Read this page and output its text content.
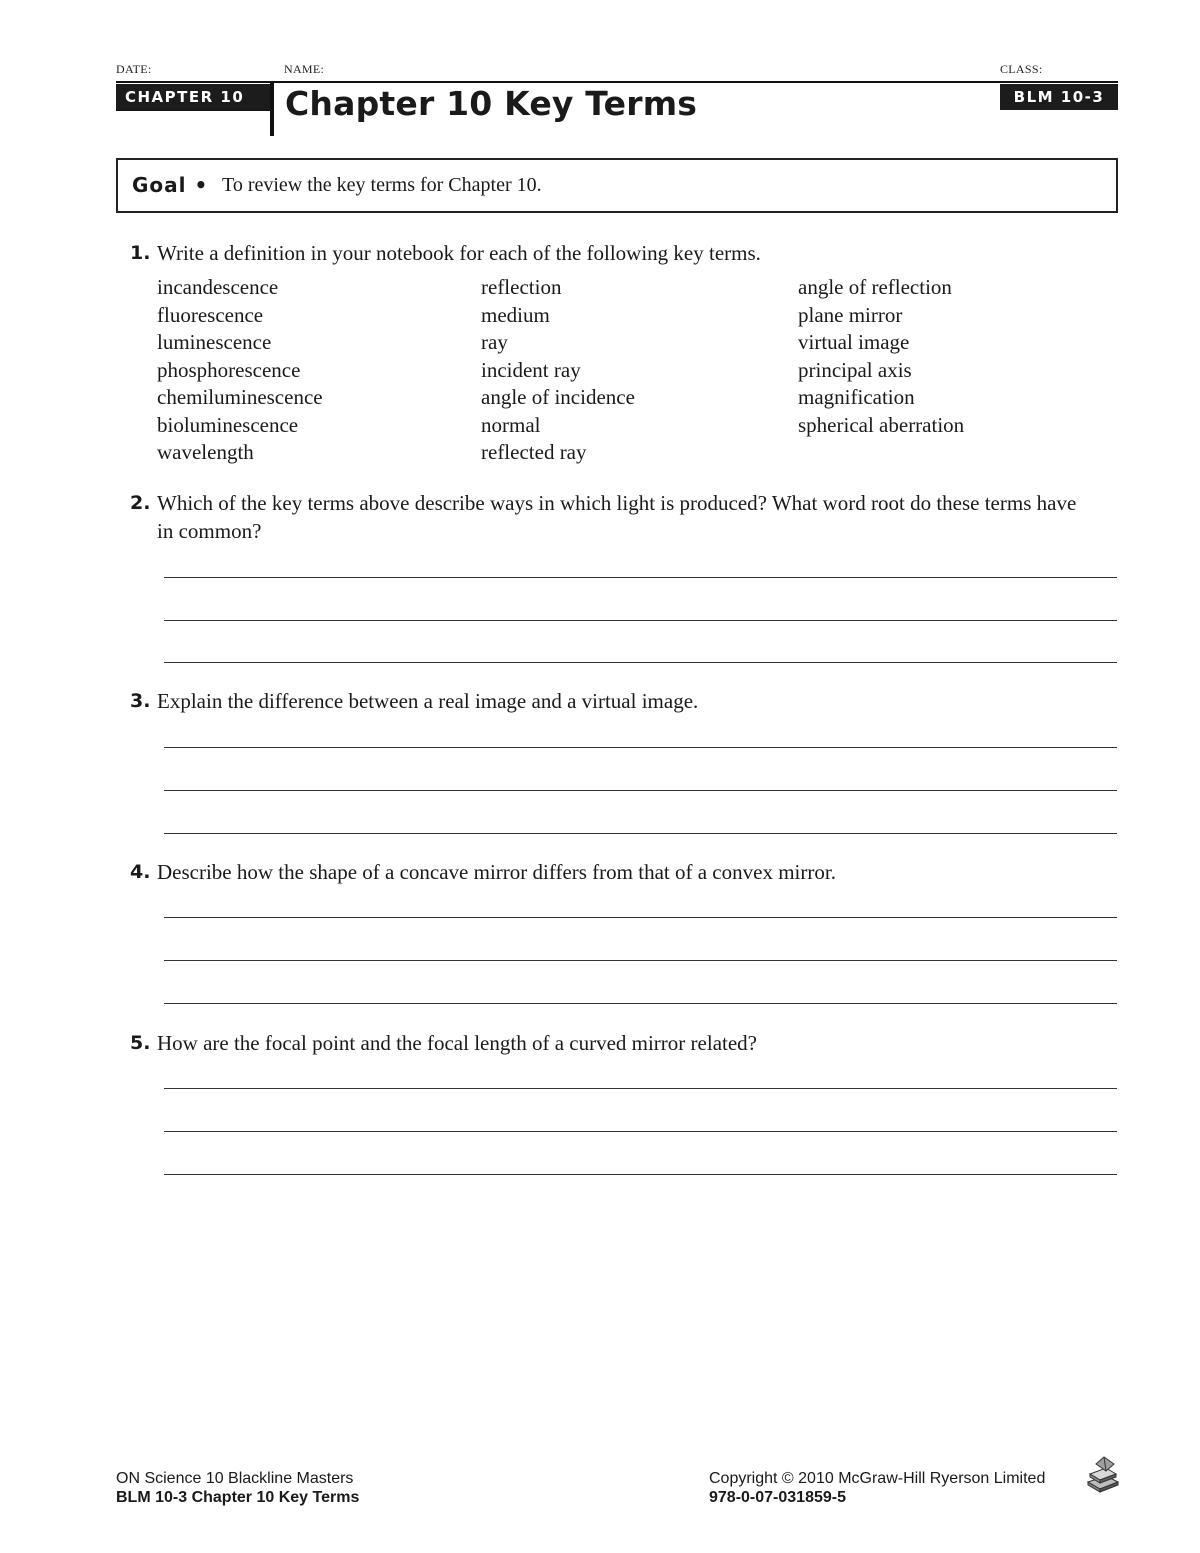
DATE:	NAME:	CLASS:
CHAPTER 10	Chapter 10 Key Terms	BLM 10-3
Goal • To review the key terms for Chapter 10.
1. Write a definition in your notebook for each of the following key terms.
incandescence
fluorescence
luminescence
phosphorescence
chemiluminescence
bioluminescence
wavelength
reflection
medium
ray
incident ray
angle of incidence
normal
reflected ray
angle of reflection
plane mirror
virtual image
principal axis
magnification
spherical aberration
2. Which of the key terms above describe ways in which light is produced? What word root do these terms have in common?
3. Explain the difference between a real image and a virtual image.
4. Describe how the shape of a concave mirror differs from that of a convex mirror.
5. How are the focal point and the focal length of a curved mirror related?
ON Science 10 Blackline Masters
BLM 10-3 Chapter 10 Key Terms
Copyright © 2010 McGraw-Hill Ryerson Limited
978-0-07-031859-5
